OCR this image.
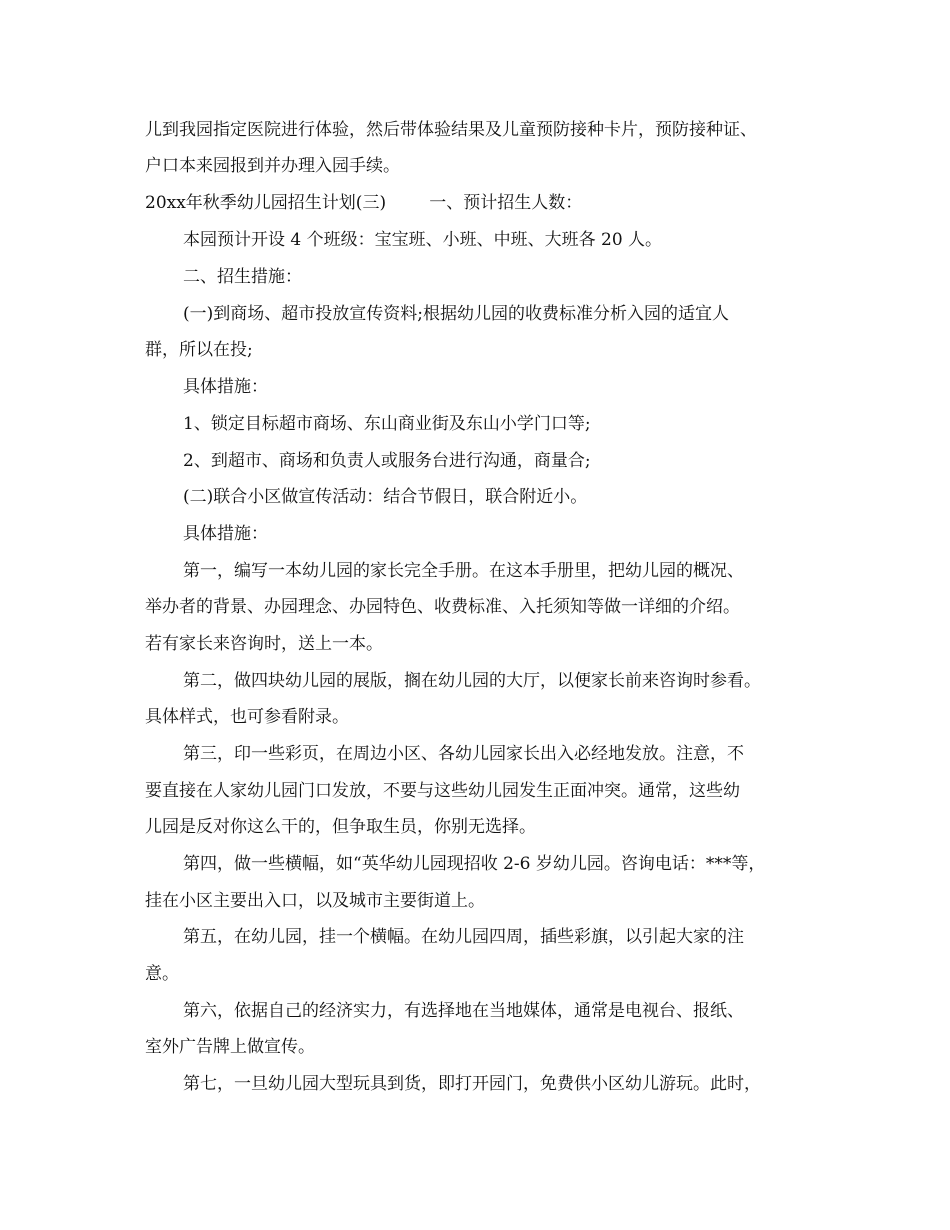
儿到我园指定医院进行体验，然后带体验结果及儿童预防接种卡片，预防接种证、
户口本来园报到并办理入园手续。
20xx年秋季幼儿园招生计划(三)        一、预计招生人数：
本园预计开设 4 个班级：宝宝班、小班、中班、大班各 20 人。
二、招生措施：
(一)到商场、超市投放宣传资料;根据幼儿园的收费标准分析入园的适宜人
群，所以在投;
具体措施：
1、锁定目标超市商场、东山商业街及东山小学门口等;
2、到超市、商场和负责人或服务台进行沟通，商量合;
(二)联合小区做宣传活动：结合节假日，联合附近小。
具体措施：
第一，编写一本幼儿园的家长完全手册。在这本手册里，把幼儿园的概况、
举办者的背景、办园理念、办园特色、收费标准、入托须知等做一详细的介绍。
若有家长来咨询时，送上一本。
第二，做四块幼儿园的展版，搁在幼儿园的大厅，以便家长前来咨询时参看。
具体样式，也可参看附录。
第三，印一些彩页，在周边小区、各幼儿园家长出入必经地发放。注意，不
要直接在人家幼儿园门口发放，不要与这些幼儿园发生正面冲突。通常，这些幼
儿园是反对你这么干的，但争取生员，你别无选择。
第四，做一些横幅，如“英华幼儿园现招收 2-6 岁幼儿园。咨询电话：***等，
挂在小区主要出入口，以及城市主要街道上。
第五，在幼儿园，挂一个横幅。在幼儿园四周，插些彩旗，以引起大家的注
意。
第六，依据自己的经济实力，有选择地在当地媒体，通常是电视台、报纸、
室外广告牌上做宣传。
第七，一旦幼儿园大型玩具到货，即打开园门，免费供小区幼儿游玩。此时，
